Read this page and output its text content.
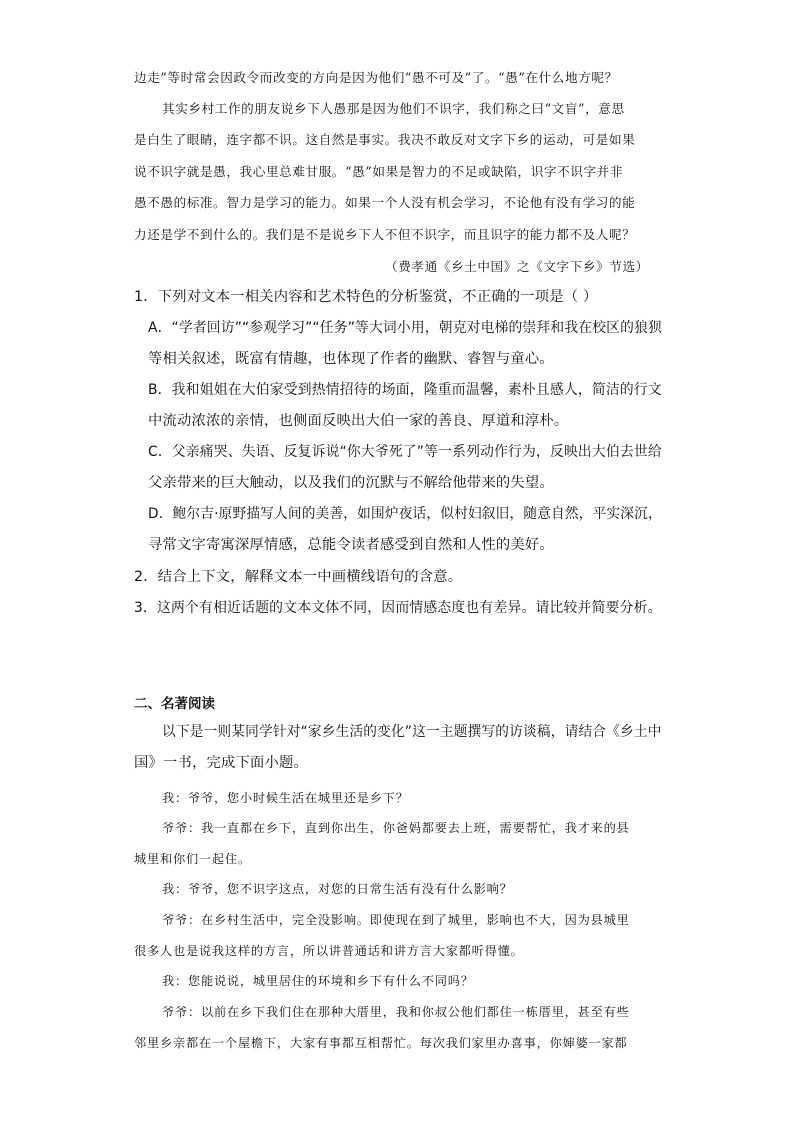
边走”等时常会因政令而改变的方向是因为他们“愚不可及”了。“愚”在什么地方呢？
其实乡村工作的朋友说乡下人愚那是因为他们不识字，我们称之曰“文盲”，意思
是白生了眼睛，连字都不识。这自然是事实。我决不敢反对文字下乡的运动，可是如果
说不识字就是愚，我心里总难甘服。“愚”如果是智力的不足或缺陷，识字不识字并非
愚不愚的标准。智力是学习的能力。如果一个人没有机会学习，不论他有没有学习的能
力还是学不到什么的。我们是不是说乡下人不但不识字，而且识字的能力都不及人呢？
（费孝通《乡土中国》之《文字下乡》节选）
1．下列对文本一相关内容和艺术特色的分析鉴赏，不正确的一项是（ ）
A．“学者回访”“参观学习”“任务”等大词小用，朝克对电梯的崇拜和我在校区的狼狈
等相关叙述，既富有情趣，也体现了作者的幽默、睿智与童心。
B．我和姐姐在大伯家受到热情招待的场面，隆重而温馨，素朴且感人，简洁的行文
中流动浓浓的亲情，也侧面反映出大伯一家的善良、厚道和淳朴。
C．父亲痛哭、失语、反复诉说“你大爷死了”等一系列动作行为，反映出大伯去世给
父亲带来的巨大触动，以及我们的沉默与不解给他带来的失望。
D．鲍尔吉·原野描写人间的美善，如围炉夜话，似村妇叙旧，随意自然，平实深沉，
寻常文字寄寓深厚情感，总能令读者感受到自然和人性的美好。
2．结合上下文，解释文本一中画横线语句的含意。
3．这两个有相近话题的文本文体不同，因而情感态度也有差异。请比较并简要分析。
二、名著阅读
以下是一则某同学针对“家乡生活的变化”这一主题撰写的访谈稿，请结合《乡土中
国》一书，完成下面小题。
我：爷爷，您小时候生活在城里还是乡下？
爷爷：我一直都在乡下，直到你出生，你爸妈都要去上班，需要帮忙，我才来的县
城里和你们一起住。
我：爷爷，您不识字这点，对您的日常生活有没有什么影响？
爷爷：在乡村生活中，完全没影响。即使现在到了城里，影响也不大，因为县城里
很多人也是说我这样的方言，所以讲普通话和讲方言大家都听得懂。
我：您能说说，城里居住的环境和乡下有什么不同吗？
爷爷：以前在乡下我们住在那种大厝里，我和你叔公他们都住一栋厝里，甚至有些
邻里乡亲都在一个屋檐下，大家有事都互相帮忙。每次我们家里办喜事，你婶婆一家都
